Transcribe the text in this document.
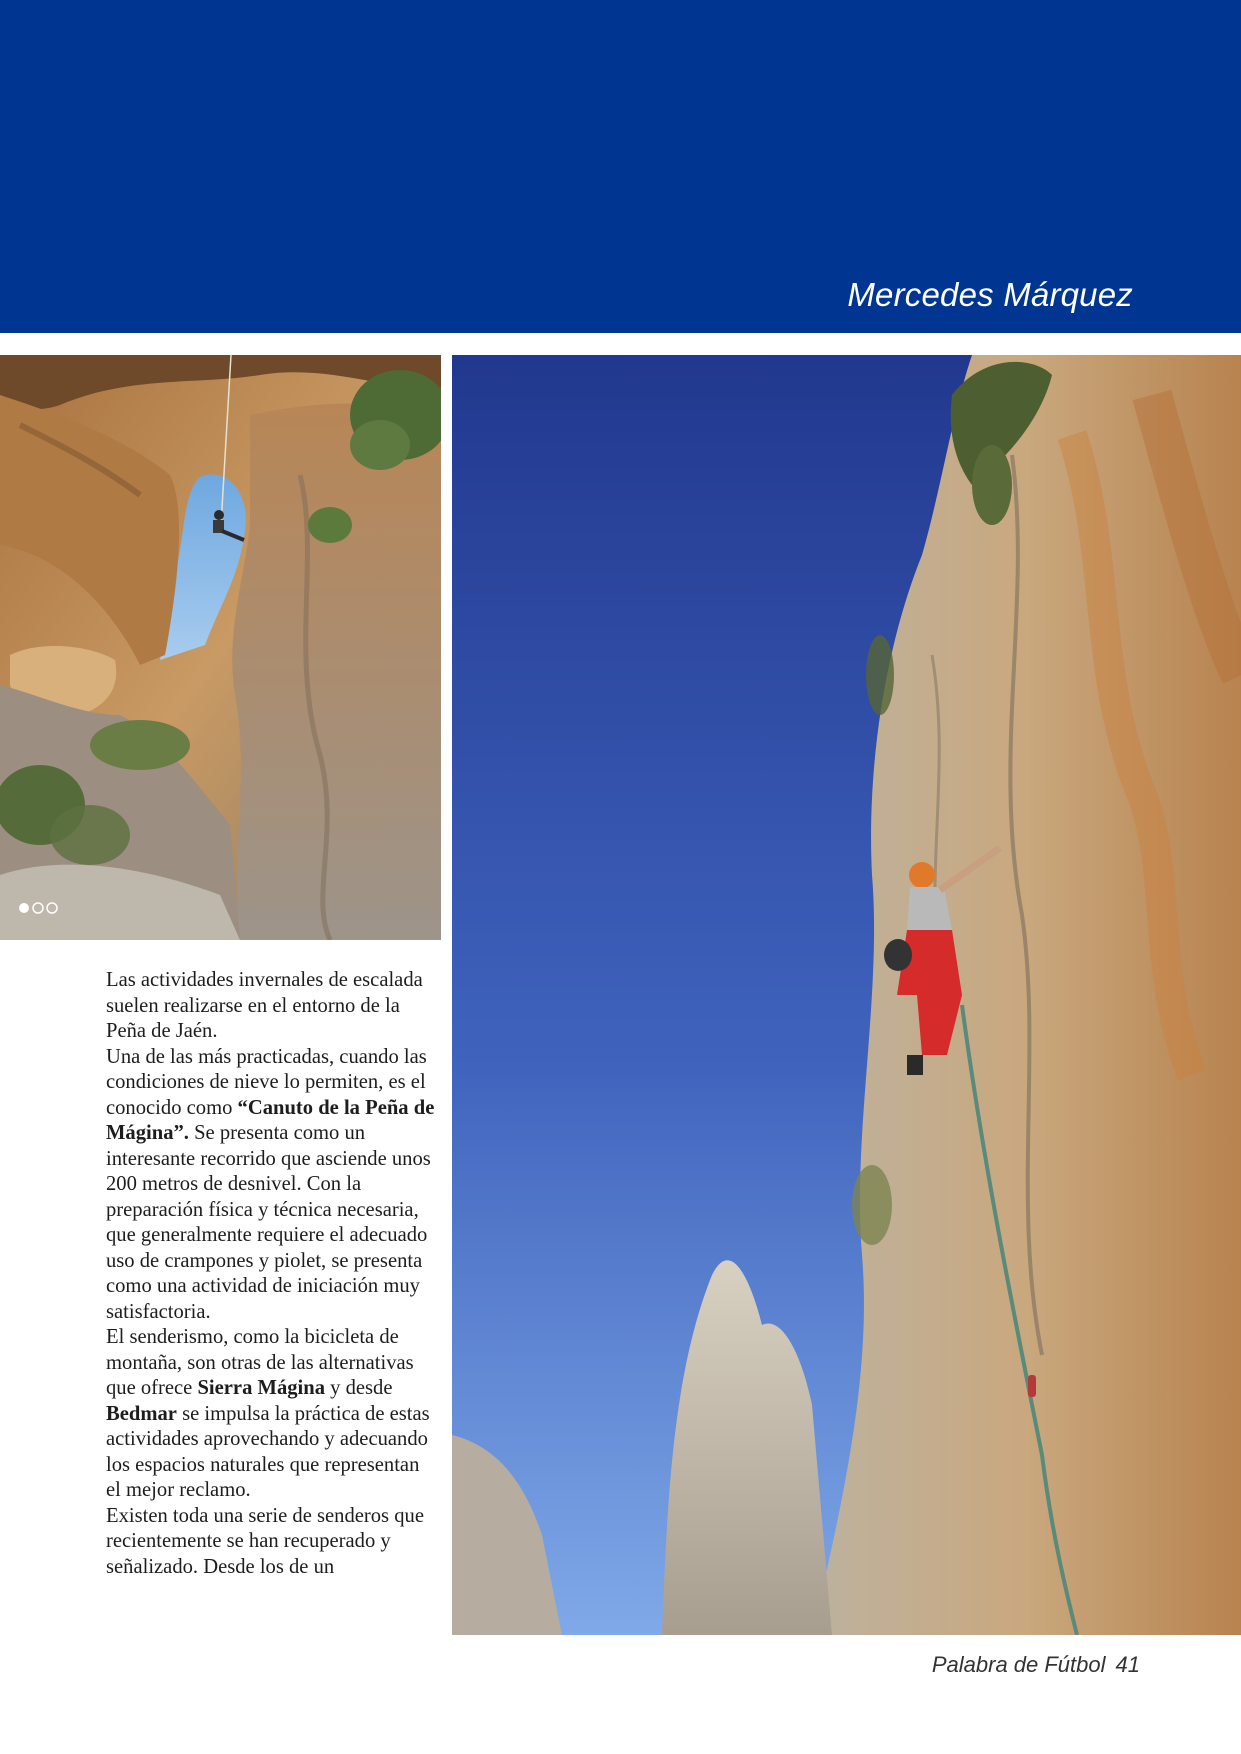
Mercedes Márquez

Las actividades invernales de escalada suelen realizarse en el entorno de la Peña de Jaén.

Una de las más practicadas, cuando las condiciones de nieve lo permiten, es el conocido como “Canuto de la Peña de Mágina”. Se presenta como un interesante recorrido que asciende unos 200 metros de desnivel. Con la preparación física y técnica necesaria, que generalmente requiere el adecuado uso de crampones y piolet, se presenta como una actividad de iniciación muy satisfactoria.

El senderismo, como la bicicleta de montaña, son otras de las alternativas que ofrece Sierra Mágina y desde Bedmar se impulsa la práctica de estas actividades aprovechando y adecuando los espacios naturales que representan el mejor reclamo.

Existen toda una serie de senderos que recientemente se han recuperado y señalizado. Desde los de un

Palabra de Fútbol 41
